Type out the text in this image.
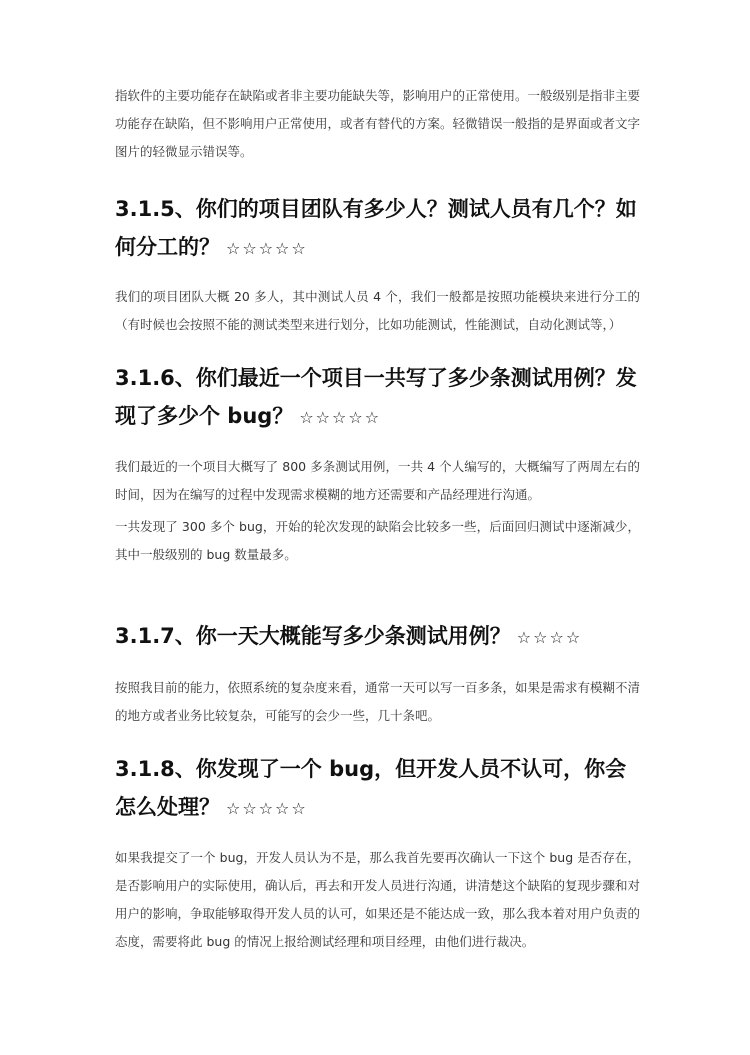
指软件的主要功能存在缺陷或者非主要功能缺失等，影响用户的正常使用。一般级别是指非主要功能存在缺陷，但不影响用户正常使用，或者有替代的方案。轻微错误一般指的是界面或者文字图片的轻微显示错误等。

3.1.5、你们的项目团队有多少人？测试人员有几个？如何分工的？ ☆☆☆☆☆

我们的项目团队大概 20 多人，其中测试人员 4 个，我们一般都是按照功能模块来进行分工的（有时候也会按照不能的测试类型来进行划分，比如功能测试，性能测试，自动化测试等，）

3.1.6、你们最近一个项目一共写了多少条测试用例？发现了多少个 bug？ ☆☆☆☆☆

我们最近的一个项目大概写了 800 多条测试用例，一共 4 个人编写的，大概编写了两周左右的时间，因为在编写的过程中发现需求模糊的地方还需要和产品经理进行沟通。

一共发现了 300 多个 bug，开始的轮次发现的缺陷会比较多一些，后面回归测试中逐渐减少，其中一般级别的 bug 数量最多。

3.1.7、你一天大概能写多少条测试用例？ ☆☆☆☆

按照我目前的能力，依照系统的复杂度来看，通常一天可以写一百多条，如果是需求有模糊不清的地方或者业务比较复杂，可能写的会少一些，几十条吧。

3.1.8、你发现了一个 bug，但开发人员不认可，你会怎么处理？ ☆☆☆☆☆

如果我提交了一个 bug，开发人员认为不是，那么我首先要再次确认一下这个 bug 是否存在，是否影响用户的实际使用，确认后，再去和开发人员进行沟通，讲清楚这个缺陷的复现步骤和对用户的影响，争取能够取得开发人员的认可，如果还是不能达成一致，那么我本着对用户负责的态度，需要将此 bug 的情况上报给测试经理和项目经理，由他们进行裁决。
